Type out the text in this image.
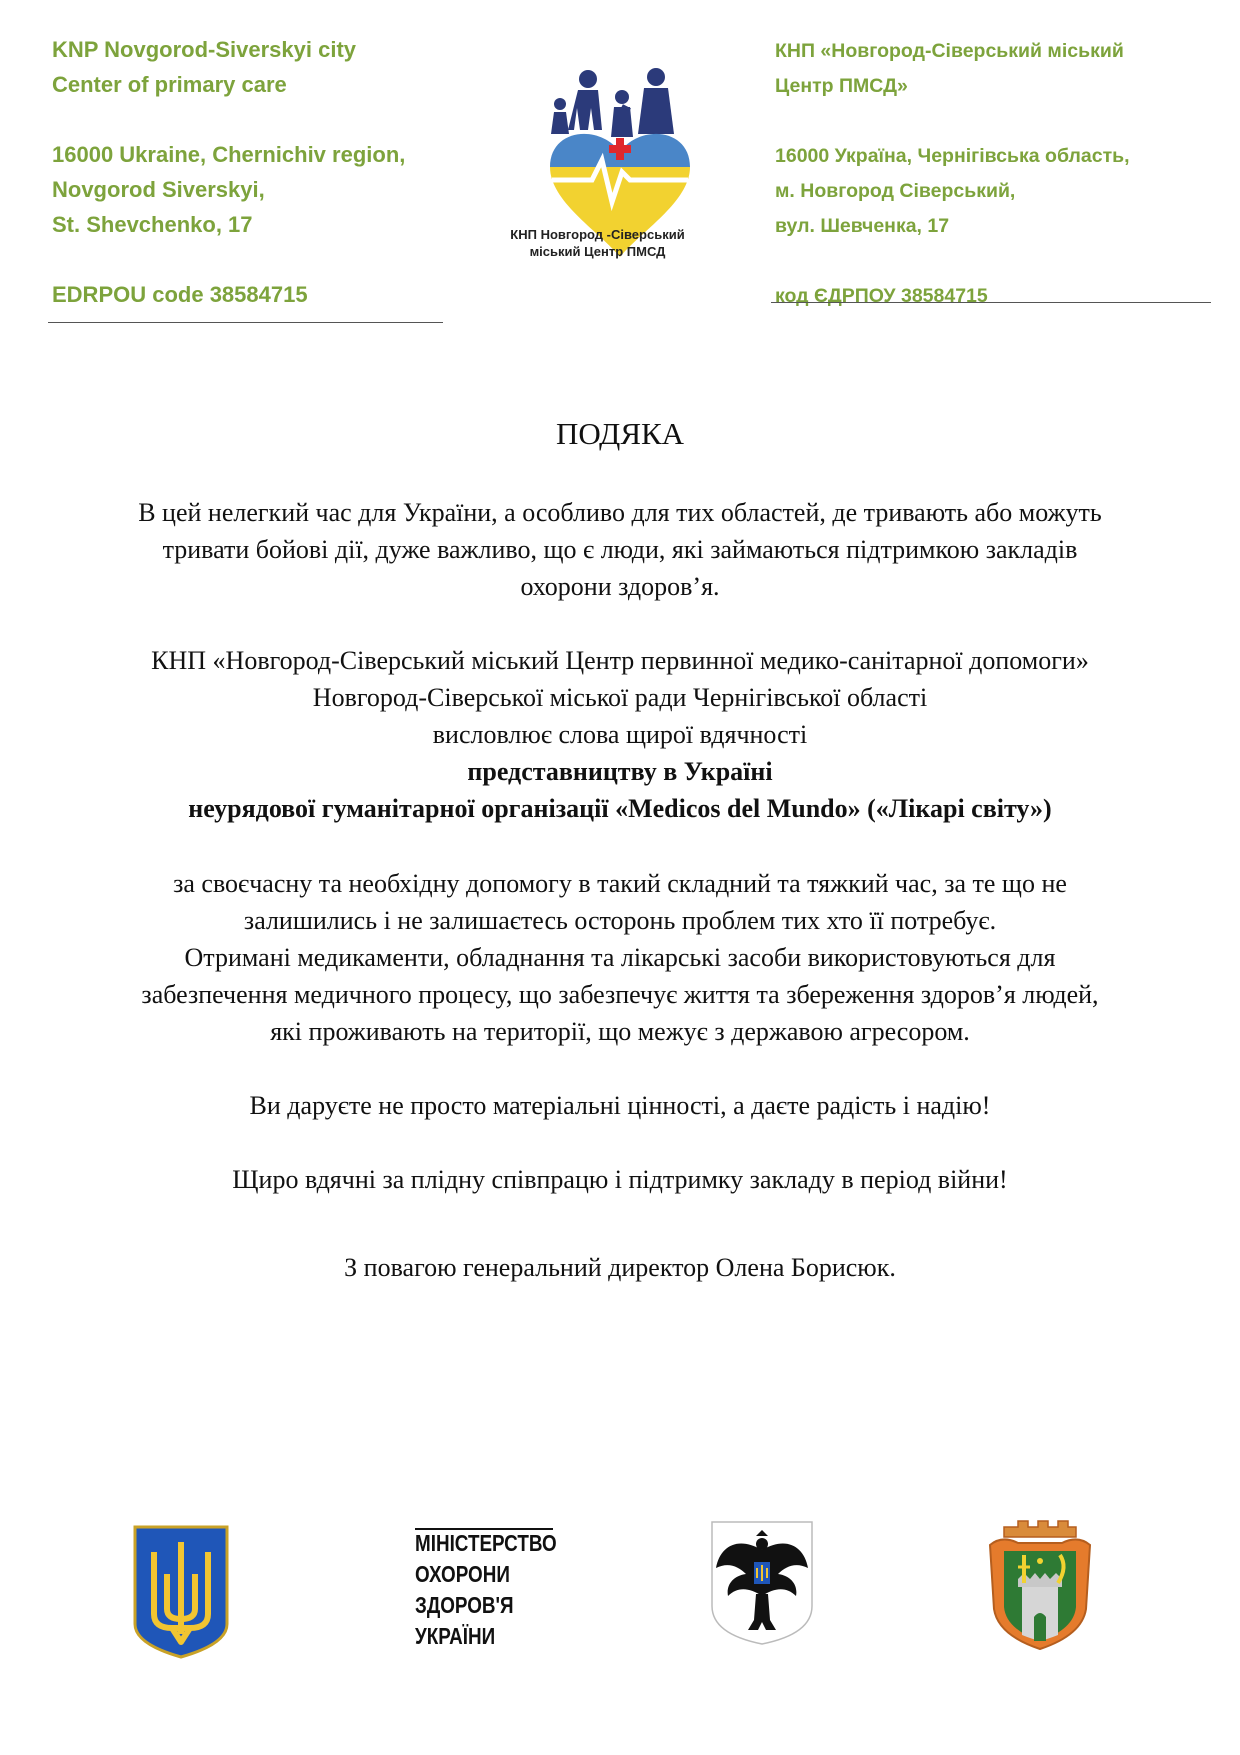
KNP Novgorod-Siverskyi city
Center of primary care
16000 Ukraine, Chernichiv region,
Novgorod Siverskyi,
St. Shevchenko, 17
EDRPOU code 38584715
КНП «Новгород-Сіверський міський
Центр ПМСД»
16000 Україна, Чернігівська область,
м. Новгород Сіверський,
вул. Шевченка, 17
код ЄДРПОУ 38584715
КНП Новгород -Сіверський
міський Центр ПМСД
ПОДЯКА
В цей нелегкий час для України, а особливо для тих областей, де тривають або можуть
тривати бойові дії, дуже важливо, що є люди, які займаються підтримкою закладів
охорони здоров’я.
КНП «Новгород-Сіверський міський Центр первинної медико-санітарної допомоги»
Новгород-Сіверської міської ради Чернігівської області
висловлює слова щирої вдячності
представництву в Україні
неурядової гуманітарної організації «Medicos del Mundo» («Лікарі світу»)
за своєчасну та необхідну допомогу в такий складний та тяжкий час, за те що не
залишились і не залишаєтесь осторонь проблем тих хто її потребує.
Отримані медикаменти, обладнання та лікарські засоби використовуються для
забезпечення медичного процесу, що забезпечує життя та збереження здоров’я людей,
які проживають на території, що межує з державою агресором.
Ви даруєте не просто матеріальні цінності, а даєте радість і надію!
Щиро вдячні за плідну співпрацю і підтримку закладу в період війни!
З повагою генеральний директор Олена Борисюк.
МІНІСТЕРСТВО
ОХОРОНИ
ЗДОРОВ'Я
УКРАЇНИ
